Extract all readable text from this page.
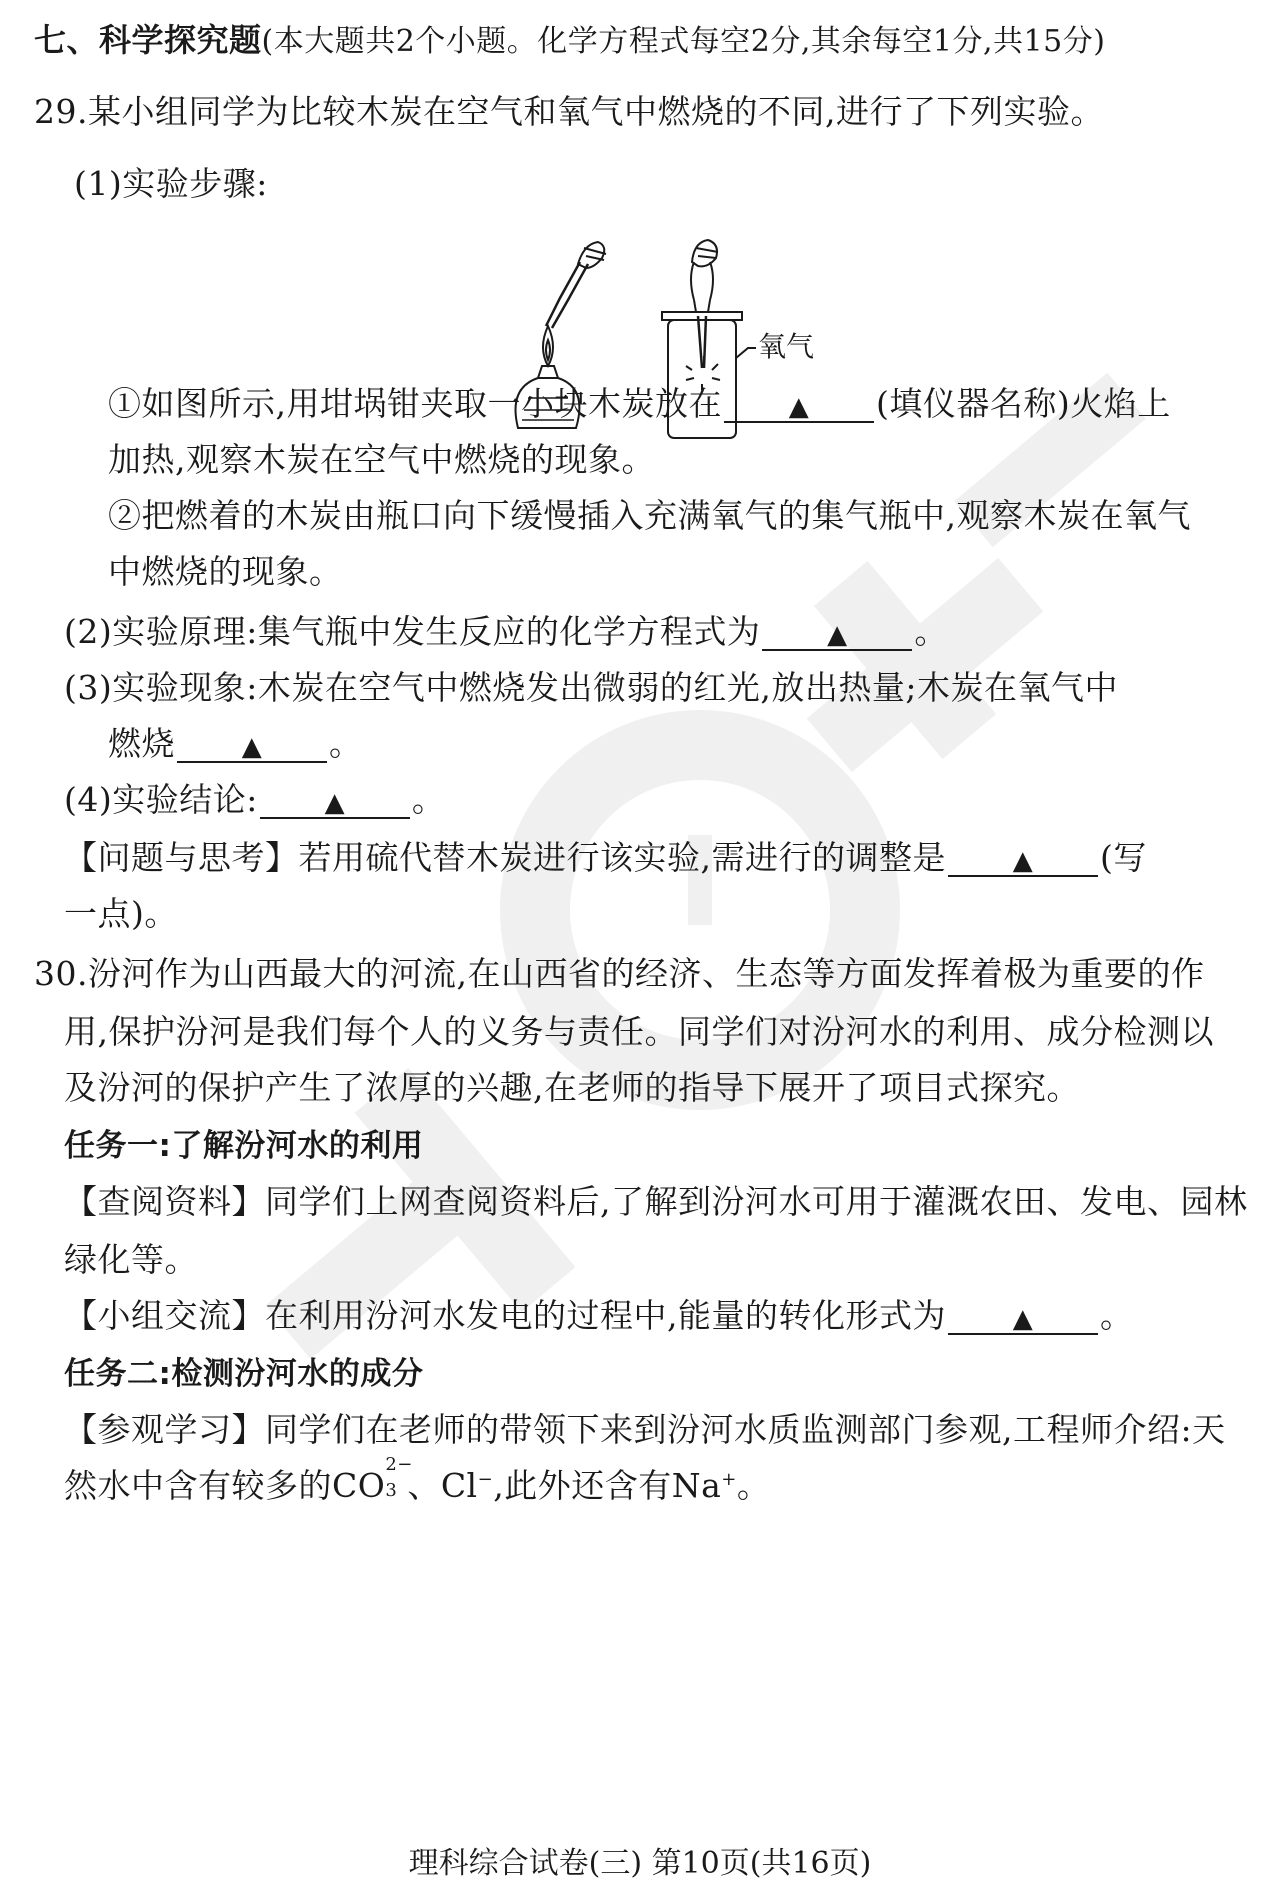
七、科学探究题(本大题共2个小题。化学方程式每空2分,其余每空1分,共15分)
29.某小组同学为比较木炭在空气和氧气中燃烧的不同,进行了下列实验。
(1)实验步骤:
氧气
①如图所示,用坩埚钳夹取一小块木炭放在	▲ (填仪器名称)火焰上
加热,观察木炭在空气中燃烧的现象。
②把燃着的木炭由瓶口向下缓慢插入充满氧气的集气瓶中,观察木炭在氧气
中燃烧的现象。
(2)实验原理:集气瓶中发生反应的化学方程式为	▲ 。
(3)实验现象:木炭在空气中燃烧发出微弱的红光,放出热量;木炭在氧气中
燃烧	▲ 。
(4)实验结论:	▲ 。
【问题与思考】若用硫代替木炭进行该实验,需进行的调整是	▲ (写
一点)。
30.汾河作为山西最大的河流,在山西省的经济、生态等方面发挥着极为重要的作
用,保护汾河是我们每个人的义务与责任。同学们对汾河水的利用、成分检测以
及汾河的保护产生了浓厚的兴趣,在老师的指导下展开了项目式探究。
任务一:了解汾河水的利用
【查阅资料】同学们上网查阅资料后,了解到汾河水可用于灌溉农田、发电、园林
绿化等。
【小组交流】在利用汾河水发电的过程中,能量的转化形式为	▲ 。
任务二:检测汾河水的成分
【参观学习】同学们在老师的带领下来到汾河水质监测部门参观,工程师介绍:天
然水中含有较多的CO
2−
3 、Cl−,此外还含有Na+。
理科综合试卷(三) 第10页(共16页)
